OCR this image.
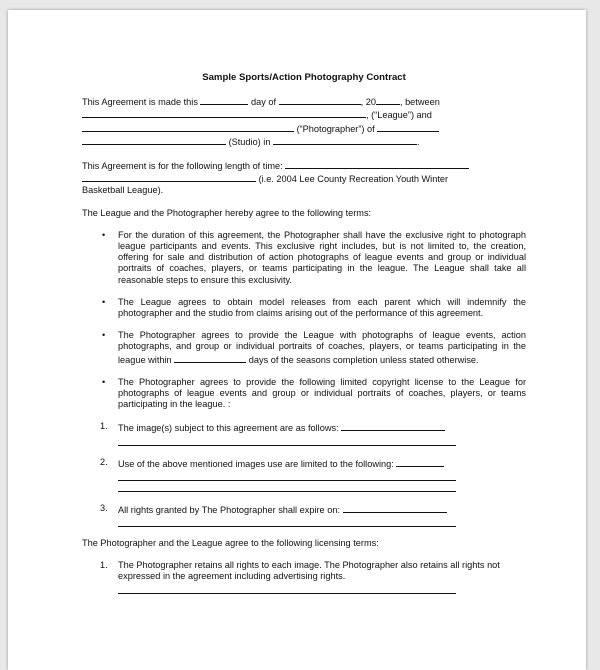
Sample Sports/Action Photography Contract

This Agreement is made this	day of	, 20	, between
, (“League”) and
(“Photographer”) of
(Studio) in	.
This Agreement is for the following length of time:
(i.e. 2004 Lee County Recreation Youth Winter
Basketball League).

The League and the Photographer hereby agree to the following terms:

• For the duration of this agreement, the Photographer shall have the exclusive right to photograph league participants and events. This exclusive right includes, but is not limited to, the creation, offering for sale and distribution of action photographs of league events and group or individual portraits of coaches, players, or teams participating in the league. The League shall take all reasonable steps to ensure this exclusivity.
• The League agrees to obtain model releases from each parent which will indemnify the photographer and the studio from claims arising out of the performance of this agreement.
• The Photographer agrees to provide the League with photographs of league events, action photographs, and group or individual portraits of coaches, players, or teams participating in the league within	days of the seasons completion unless stated otherwise.
• The Photographer agrees to provide the following limited copyright license to the League for photographs of league events and group or individual portraits of coaches, players, or teams participating in the league. :
1. The image(s) subject to this agreement are as follows:
2. Use of the above mentioned images use are limited to the following:
3. All rights granted by The Photographer shall expire on:

The Photographer and the League agree to the following licensing terms:

1. The Photographer retains all rights to each image. The Photographer also retains all rights not expressed in the agreement including advertising rights.
